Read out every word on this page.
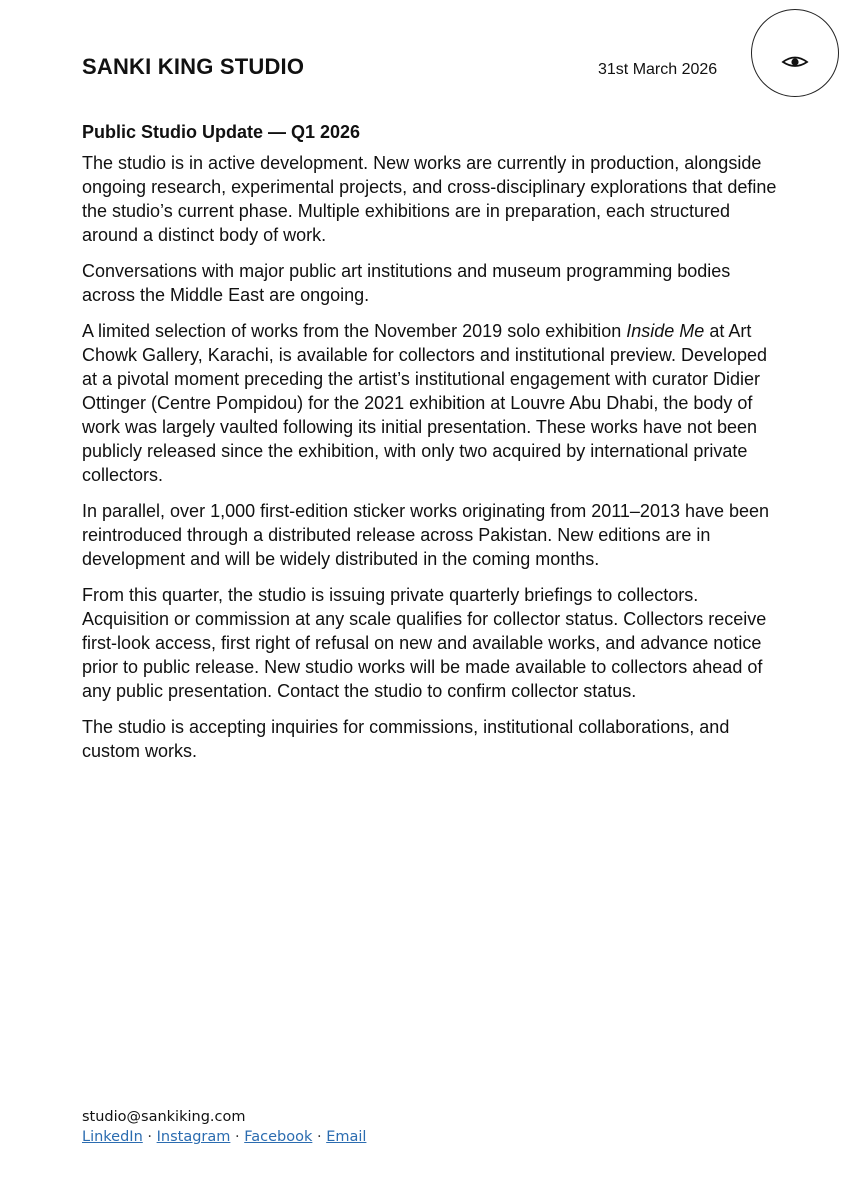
SANKI KING STUDIO	31st March 2026
Public Studio Update — Q1 2026

The studio is in active development. New works are currently in production, alongside ongoing research, experimental projects, and cross-disciplinary explorations that define the studio’s current phase. Multiple exhibitions are in preparation, each structured around a distinct body of work.

Conversations with major public art institutions and museum programming bodies across the Middle East are ongoing.

A limited selection of works from the November 2019 solo exhibition Inside Me at Art Chowk Gallery, Karachi, is available for collectors and institutional preview. Developed at a pivotal moment preceding the artist’s institutional engagement with curator Didier Ottinger (Centre Pompidou) for the 2021 exhibition at Louvre Abu Dhabi, the body of work was largely vaulted following its initial presentation. These works have not been publicly released since the exhibition, with only two acquired by international private collectors.

In parallel, over 1,000 first-edition sticker works originating from 2011–2013 have been reintroduced through a distributed release across Pakistan. New editions are in development and will be widely distributed in the coming months.

From this quarter, the studio is issuing private quarterly briefings to collectors. Acquisition or commission at any scale qualifies for collector status. Collectors receive first-look access, first right of refusal on new and available works, and advance notice prior to public release. New studio works will be made available to collectors ahead of any public presentation. Contact the studio to confirm collector status.

The studio is accepting inquiries for commissions, institutional collaborations, and custom works.

studio@sankiking.com
LinkedIn · Instagram · Facebook · Email
